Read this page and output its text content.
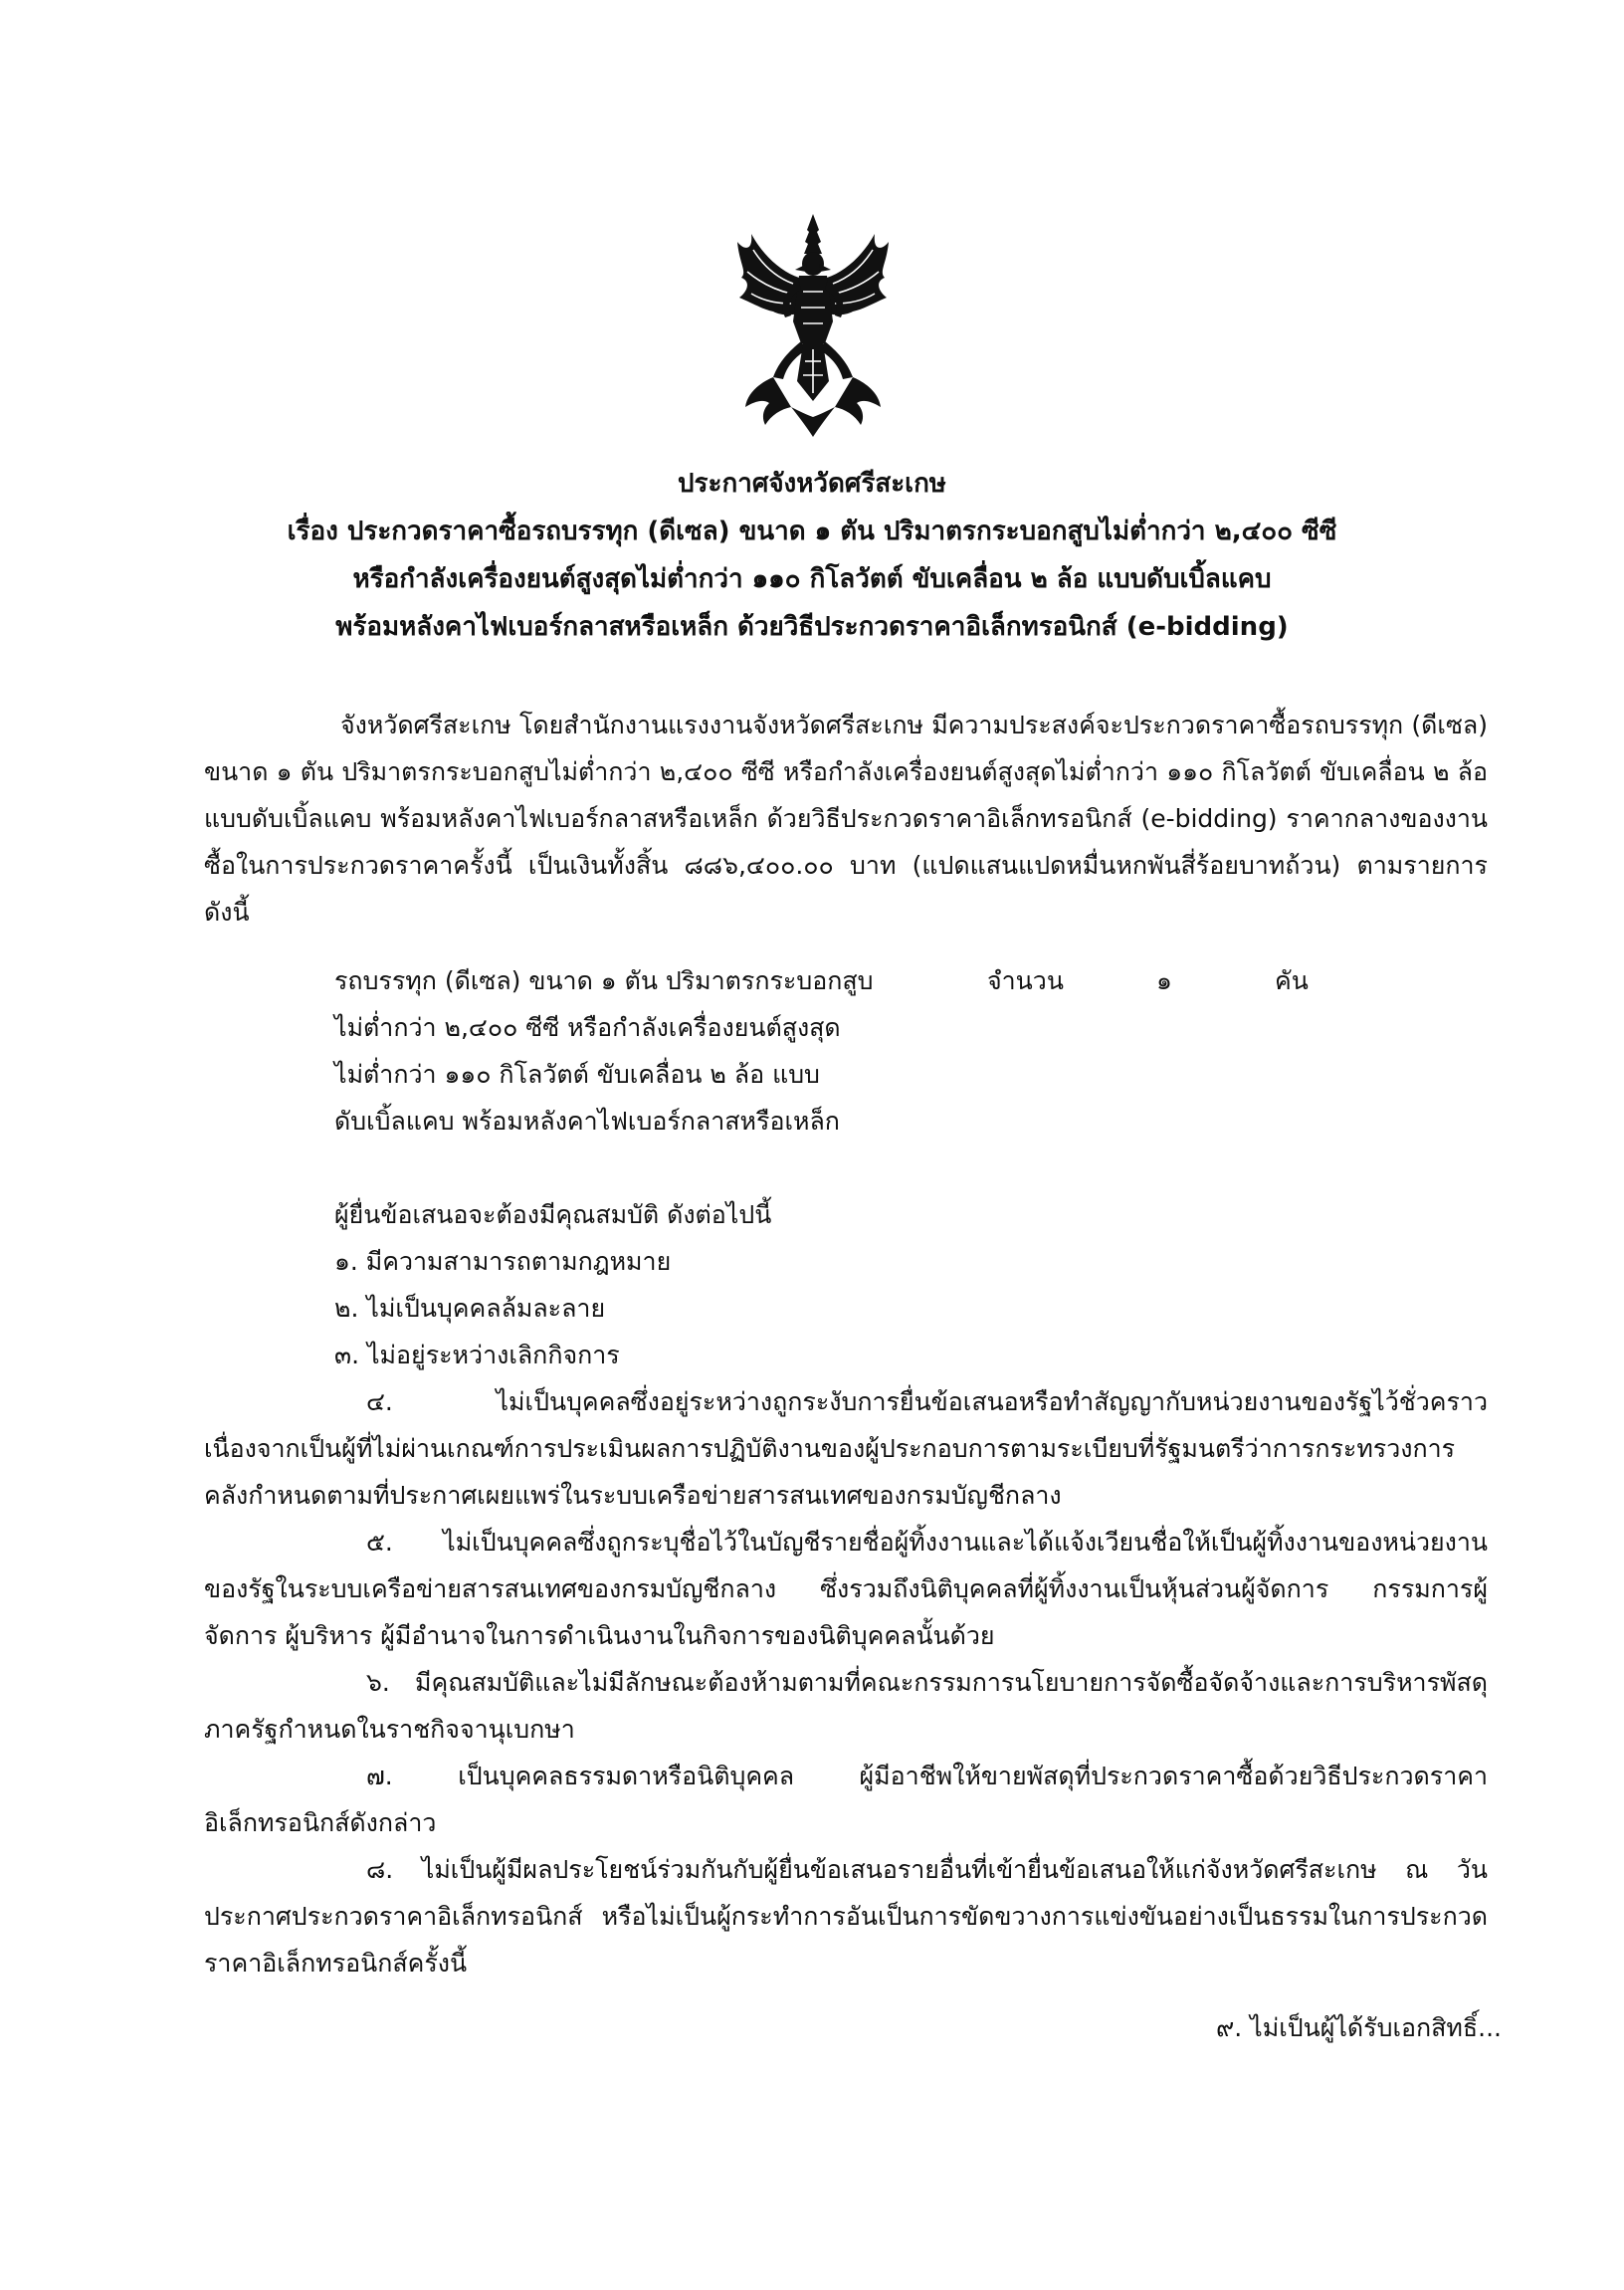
ประกาศจังหวัดศรีสะเกษ
เรื่อง ประกวดราคาซื้อรถบรรทุก (ดีเซล) ขนาด ๑ ตัน ปริมาตรกระบอกสูบไม่ต่ำกว่า ๒,๔๐๐ ซีซี
หรือกำลังเครื่องยนต์สูงสุดไม่ต่ำกว่า ๑๑๐ กิโลวัตต์ ขับเคลื่อน ๒ ล้อ แบบดับเบิ้ลแคบ
พร้อมหลังคาไฟเบอร์กลาสหรือเหล็ก ด้วยวิธีประกวดราคาอิเล็กทรอนิกส์ (e-bidding)

จังหวัดศรีสะเกษ โดยสำนักงานแรงงานจังหวัดศรีสะเกษ มีความประสงค์จะประกวดราคาซื้อรถบรรทุก (ดีเซล) ขนาด ๑ ตัน ปริมาตรกระบอกสูบไม่ต่ำกว่า ๒,๔๐๐ ซีซี หรือกำลังเครื่องยนต์สูงสุดไม่ต่ำกว่า ๑๑๐ กิโลวัตต์ ขับเคลื่อน ๒ ล้อ แบบดับเบิ้ลแคบ พร้อมหลังคาไฟเบอร์กลาสหรือเหล็ก ด้วยวิธีประกวดราคาอิเล็กทรอนิกส์ (e-bidding) ราคากลางของงานซื้อในการประกวดราคาครั้งนี้ เป็นเงินทั้งสิ้น ๘๘๖,๔๐๐.๐๐ บาท (แปดแสนแปดหมื่นหกพันสี่ร้อยบาทถ้วน) ตามรายการ ดังนี้

รถบรรทุก (ดีเซล) ขนาด ๑ ตัน ปริมาตรกระบอกสูบ	จำนวน	๑	คัน
ไม่ต่ำกว่า ๒,๔๐๐ ซีซี หรือกำลังเครื่องยนต์สูงสุด
ไม่ต่ำกว่า ๑๑๐ กิโลวัตต์ ขับเคลื่อน ๒ ล้อ แบบ
ดับเบิ้ลแคบ พร้อมหลังคาไฟเบอร์กลาสหรือเหล็ก
ผู้ยื่นข้อเสนอจะต้องมีคุณสมบัติ ดังต่อไปนี้
๑. มีความสามารถตามกฎหมาย
๒. ไม่เป็นบุคคลล้มละลาย
๓. ไม่อยู่ระหว่างเลิกกิจการ

๔. ไม่เป็นบุคคลซึ่งอยู่ระหว่างถูกระงับการยื่นข้อเสนอหรือทำสัญญากับหน่วยงานของรัฐไว้ชั่วคราว เนื่องจากเป็นผู้ที่ไม่ผ่านเกณฑ์การประเมินผลการปฏิบัติงานของผู้ประกอบการตามระเบียบที่รัฐมนตรีว่าการกระทรวงการคลังกำหนดตามที่ประกาศเผยแพร่ในระบบเครือข่ายสารสนเทศของกรมบัญชีกลาง

๕. ไม่เป็นบุคคลซึ่งถูกระบุชื่อไว้ในบัญชีรายชื่อผู้ทิ้งงานและได้แจ้งเวียนชื่อให้เป็นผู้ทิ้งงานของหน่วยงานของรัฐในระบบเครือข่ายสารสนเทศของกรมบัญชีกลาง ซึ่งรวมถึงนิติบุคคลที่ผู้ทิ้งงานเป็นหุ้นส่วนผู้จัดการ กรรมการผู้จัดการ ผู้บริหาร ผู้มีอำนาจในการดำเนินงานในกิจการของนิติบุคคลนั้นด้วย

๖. มีคุณสมบัติและไม่มีลักษณะต้องห้ามตามที่คณะกรรมการนโยบายการจัดซื้อจัดจ้างและการบริหารพัสดุภาครัฐกำหนดในราชกิจจานุเบกษา

๗. เป็นบุคคลธรรมดาหรือนิติบุคคล ผู้มีอาชีพให้ขายพัสดุที่ประกวดราคาซื้อด้วยวิธีประกวดราคาอิเล็กทรอนิกส์ดังกล่าว

๘. ไม่เป็นผู้มีผลประโยชน์ร่วมกันกับผู้ยื่นข้อเสนอรายอื่นที่เข้ายื่นข้อเสนอให้แก่จังหวัดศรีสะเกษ ณ วันประกาศประกวดราคาอิเล็กทรอนิกส์ หรือไม่เป็นผู้กระทำการอันเป็นการขัดขวางการแข่งขันอย่างเป็นธรรมในการประกวดราคาอิเล็กทรอนิกส์ครั้งนี้

๙. ไม่เป็นผู้ได้รับเอกสิทธิ์...
